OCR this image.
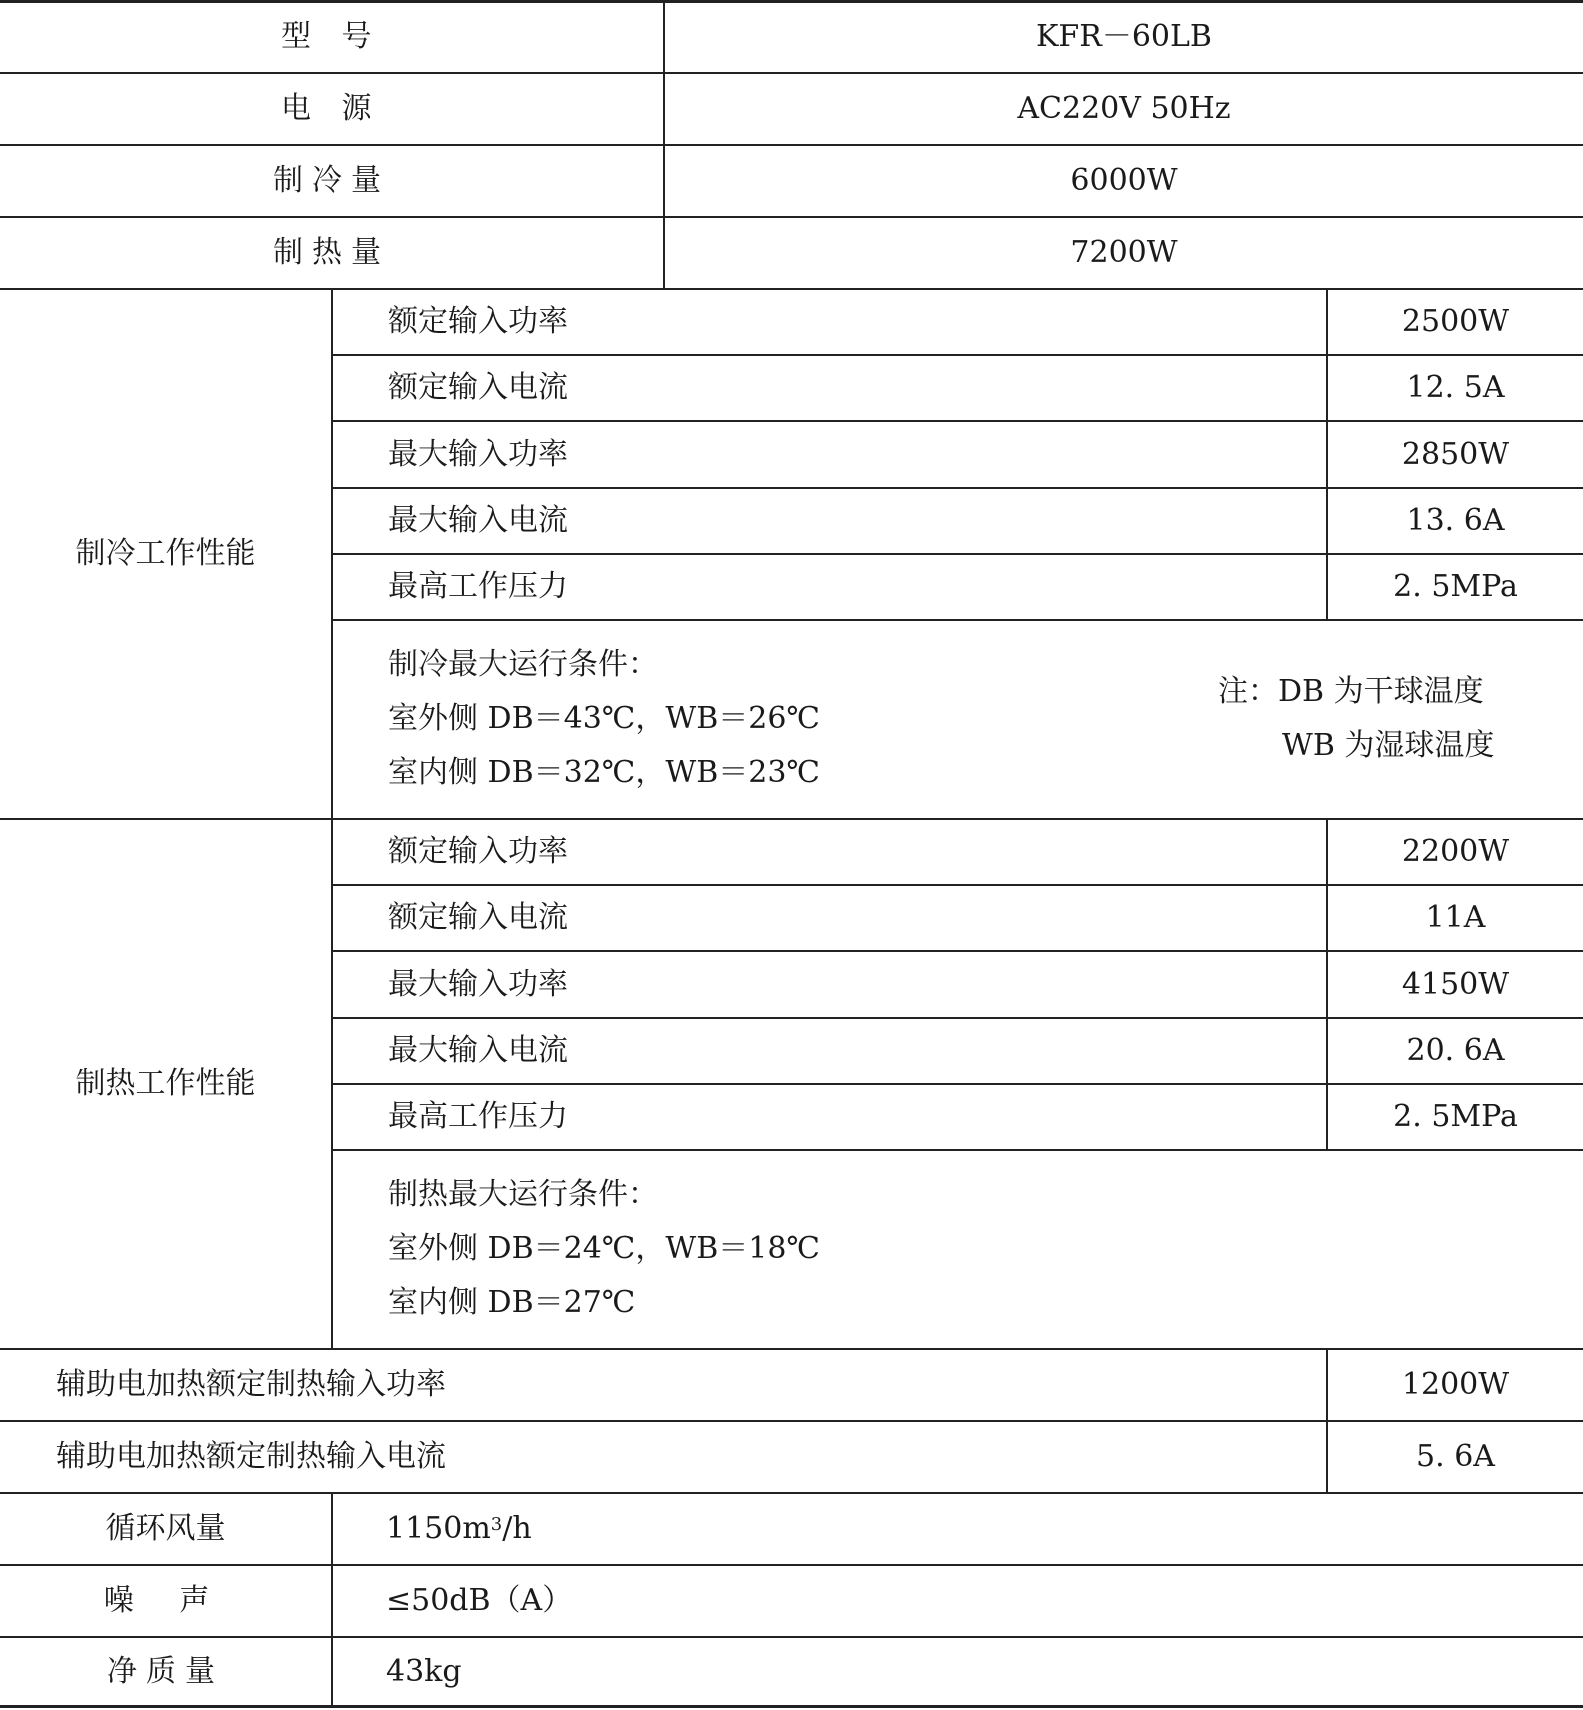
型 号	KFR－60LB
电 源	AC220V 50Hz
制冷量	6000W
制热量	7200W
制冷工作性能
额定输入功率	2500W
额定输入电流	12. 5A
最大输入功率	2850W
最大输入电流	13. 6A
最高工作压力	2. 5MPa
制冷最大运行条件：
室外侧 DB＝43℃，WB＝26℃
室内侧 DB＝32℃，WB＝23℃
注：DB 为干球温度
WB 为湿球温度
制热工作性能
额定输入功率	2200W
额定输入电流	11A
最大输入功率	4150W
最大输入电流	20. 6A
最高工作压力	2. 5MPa
制热最大运行条件：
室外侧 DB＝24℃，WB＝18℃
室内侧 DB＝27℃
辅助电加热额定制热输入功率	1200W
辅助电加热额定制热输入电流	5. 6A
循环风量	$1150m^3$ /h
噪 声	≤50dB（A）
净质量	43kg
